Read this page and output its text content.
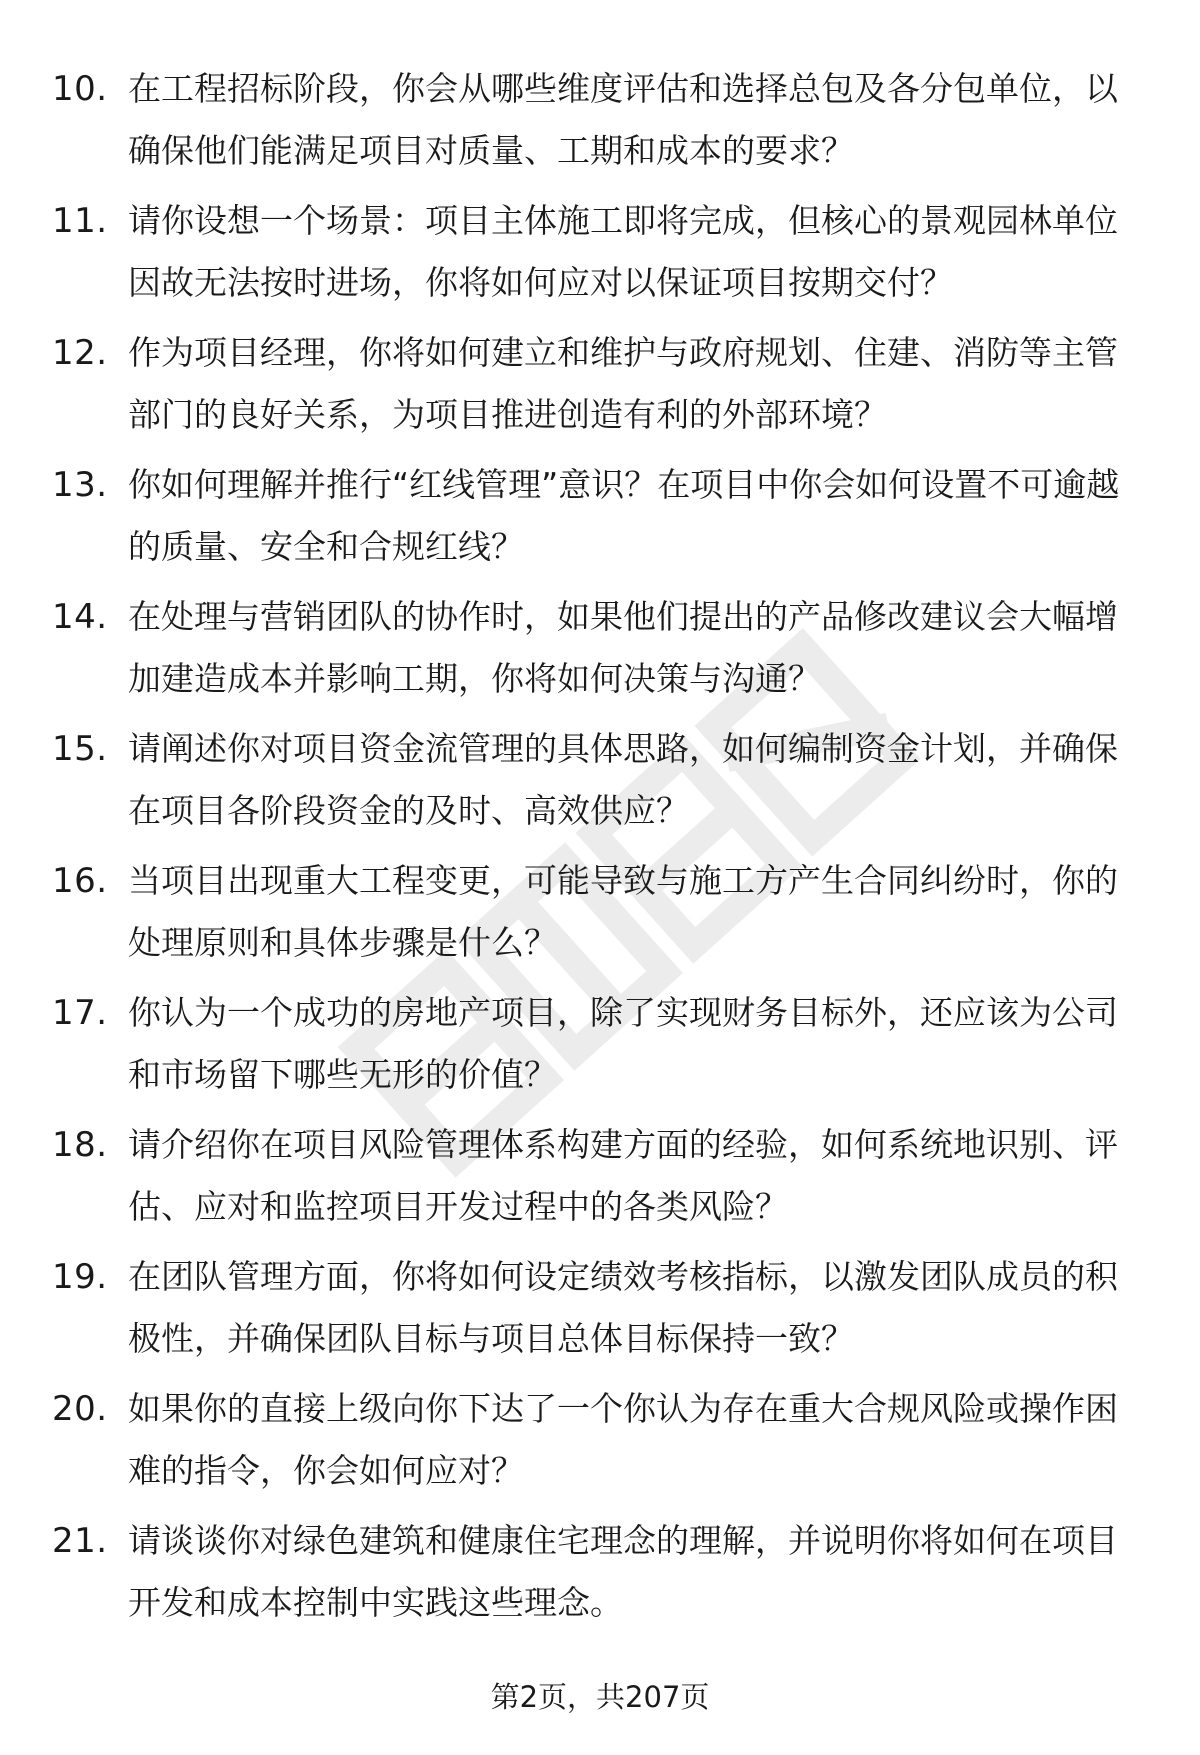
10. 在工程招标阶段，你会从哪些维度评估和选择总包及各分包单位，以确保他们能满足项目对质量、工期和成本的要求？
11. 请你设想一个场景：项目主体施工即将完成，但核心的景观园林单位因故无法按时进场，你将如何应对以保证项目按期交付？
12. 作为项目经理，你将如何建立和维护与政府规划、住建、消防等主管部门的良好关系，为项目推进创造有利的外部环境？
13. 你如何理解并推行“红线管理”意识？在项目中你会如何设置不可逾越的质量、安全和合规红线？
14. 在处理与营销团队的协作时，如果他们提出的产品修改建议会大幅增加建造成本并影响工期，你将如何决策与沟通？
15. 请阐述你对项目资金流管理的具体思路，如何编制资金计划，并确保在项目各阶段资金的及时、高效供应？
16. 当项目出现重大工程变更，可能导致与施工方产生合同纠纷时，你的处理原则和具体步骤是什么？
17. 你认为一个成功的房地产项目，除了实现财务目标外，还应该为公司和市场留下哪些无形的价值？
18. 请介绍你在项目风险管理体系构建方面的经验，如何系统地识别、评估、应对和监控项目开发过程中的各类风险？
19. 在团队管理方面，你将如何设定绩效考核指标，以激发团队成员的积极性，并确保团队目标与项目总体目标保持一致？
20. 如果你的直接上级向你下达了一个你认为存在重大合规风险或操作困难的指令，你会如何应对？
21. 请谈谈你对绿色建筑和健康住宅理念的理解，并说明你将如何在项目开发和成本控制中实践这些理念。
第2页，共207页
